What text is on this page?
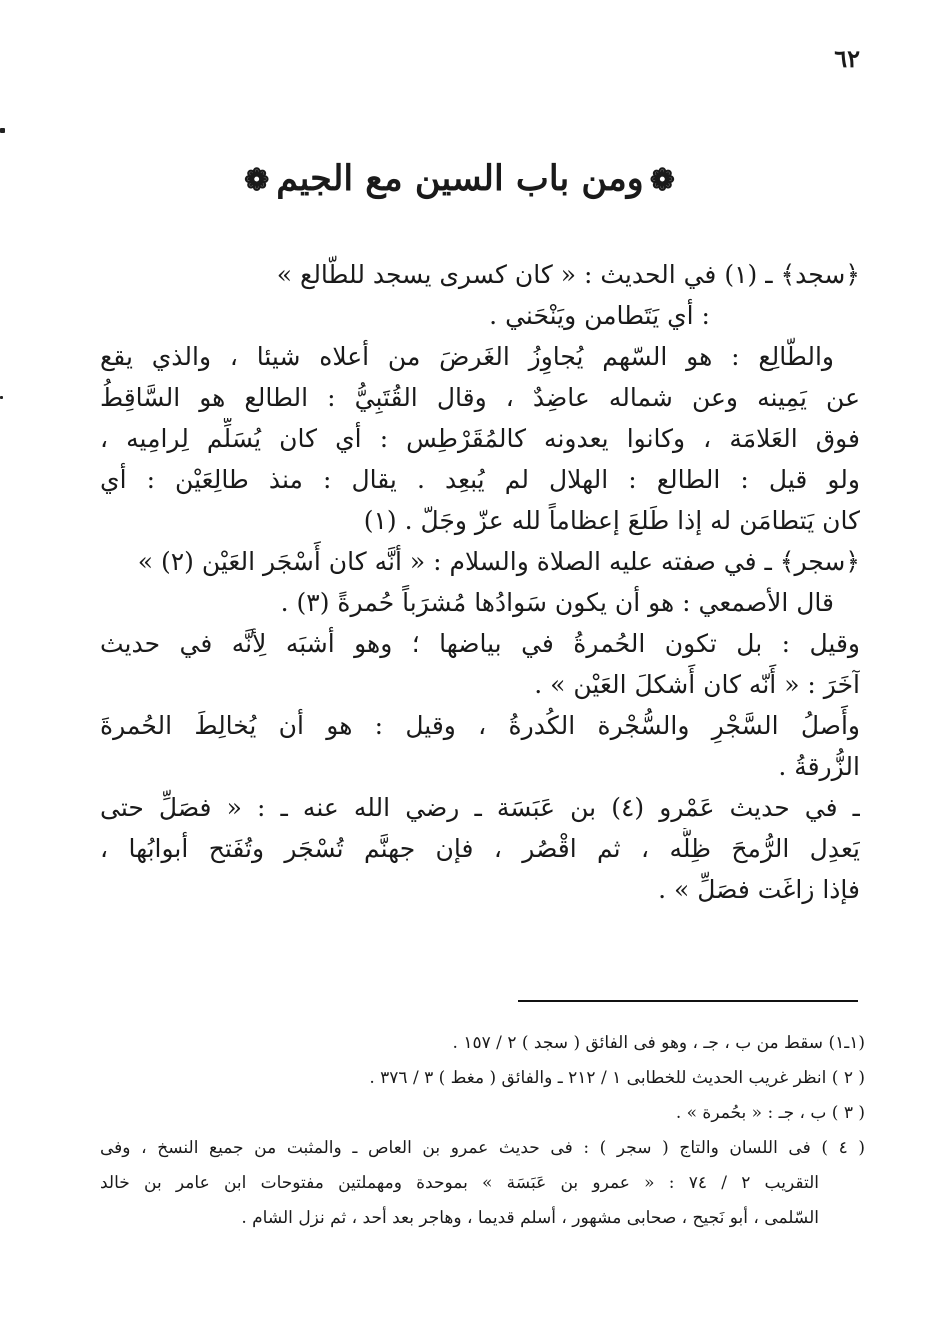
٦٢
❁ومن باب السين مع الجيم❁
﴿سجد﴾ ـ (١) في الحديث : « كان كسرى يسجد للطّالع »
: أي يَتَطامن ويَنْحَني .
والطّالِع : هو السّهم يُجاوِزُ الغَرضَ من أعلاه شيئا ، والذي يقع
عن يَمِينه وعن شماله عاضِدٌ ، وقال القُتَبِيُّ : الطالع هو السَّاقِطُ
فوق العَلامَة ، وكانوا يعدونه كالمُقَرْطِس : أي كان يُسَلِّم لِرامِيه ،
ولو قيل : الطالع : الهلال لم يُبعِد . يقال : منذ طالِعَيْن : أي
كان يَتطامَن له إذا طَلعَ إعظاماً لله عزّ وجَلّ . (١)
﴿سجر﴾ ـ في صفته عليه الصلاة والسلام : « أنَّه كان أَسْجَر العَيْن (٢) »
قال الأصمعي : هو أن يكون سَوادُها مُشرَباً حُمرةً (٣) .
وقيل : بل تكون الحُمرةُ في بياضها ؛ وهو أشبَه لِأنَّه في حديث
آخَرَ : « أَنّه كان أَشكلَ العَيْن » .
وأَصلُ السَّجْرِ والسُّجْرة الكُدرةُ ، وقيل : هو أن يُخالِطَ الحُمرةَ
الزُّرقةُ .
ـ في حديث عَمْرو (٤) بن عَبَسَة ـ رضي الله عنه ـ : « فصَلِّ حتى
يَعدِل الرُّمحَ ظِلُّه ، ثم اقْصُر ، فإن جهنَّم تُسْجَر وتُفَتح أبوابُها ،
فإذا زاغَت فصَلِّ » .
(١ـ١) سقط من ب ، جـ ، وهو فى الفائق ( سجد ) ٢ / ١٥٧ .
( ٢ ) انظر غريب الحديث للخطابى ١ / ٢١٢ ـ والفائق ( مغط ) ٣ / ٣٧٦ .
( ٣ ) ب ، جـ : « بحُمرة » .
( ٤ ) فى اللسان والتاج ( سجر ) : فى حديث عمرو بن العاص ـ والمثبت من جميع النسخ ، وفى
التقريب ٢ / ٧٤ : « عمرو بن عَبَسَة » بموحدة ومهملتين مفتوحات ابن عامر بن خالد
السّلمى ، أبو نَجيح ، صحابى مشهور ، أسلم قديما ، وهاجر بعد أحد ، ثم نزل الشام .
